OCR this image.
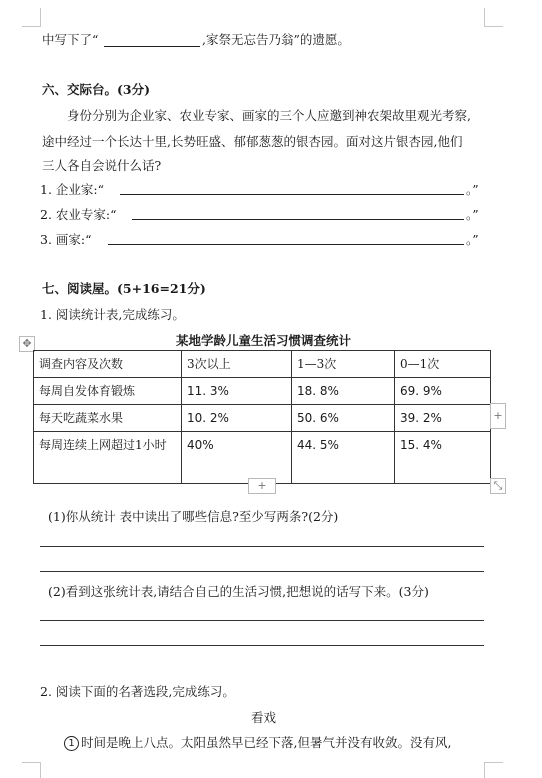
中写下了“	,家祭无忘告乃翁”的遗愿。
六、交际台。(3分)
身份分别为企业家、农业专家、画家的三个人应邀到神农架故里观光考察,
途中经过一个长达十里,长势旺盛、郁郁葱葱的银杏园。面对这片银杏园,他们
三人各自会说什么话?
1. 企业家:“	。”
2. 农业专家:“	。”
3. 画家:“	。”
七、阅读屋。(5+16=21分)
1. 阅读统计表,完成练习。
✥	某地学龄儿童生活习惯调查统计
调查内容及次数	3次以上	1—3次	0—1次
每周自发体育锻炼	11. 3%	18. 8%	69. 9%
每天吃蔬菜水果	10. 2%	50. 6%	39. 2%
每周连续上网超过1小时	40%	44. 5%	15. 4%
+
+	⤡
(1)你从统计 表中读出了哪些信息?至少写两条?(2分)
(2)看到这张统计表,请结合自己的生活习惯,把想说的话写下来。(3分)
2. 阅读下面的名著选段,完成练习。
看戏
1 时间是晚上八点。太阳虽然早已经下落,但暑气并没有收敛。没有风,
